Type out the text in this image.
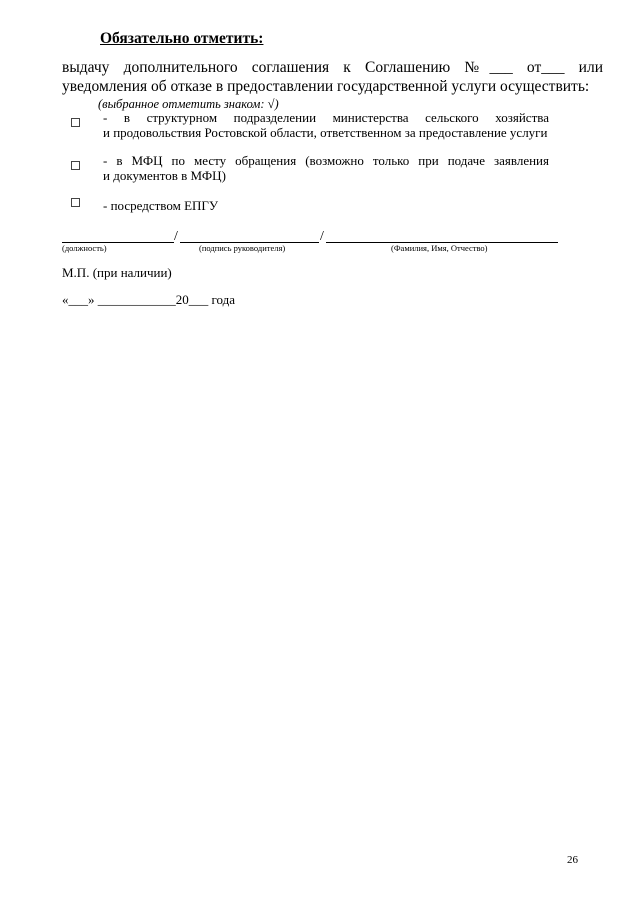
Обязательно отметить:
выдачу дополнительного соглашения к Соглашению №___ от___ или
уведомления об отказе в предоставлении государственной услуги осуществить:
(выбранное отметить знаком: √)
- в структурном подразделении министерства сельского хозяйства
и продовольствия Ростовской области, ответственном за предоставление услуги
- в МФЦ по месту обращения (возможно только при подаче заявления
и документов в МФЦ)
- посредством ЕПГУ
/	/
(должность)	(подпись руководителя)	(Фамилия, Имя, Отчество)
М.П. (при наличии)
«___» ____________20___ года
26
